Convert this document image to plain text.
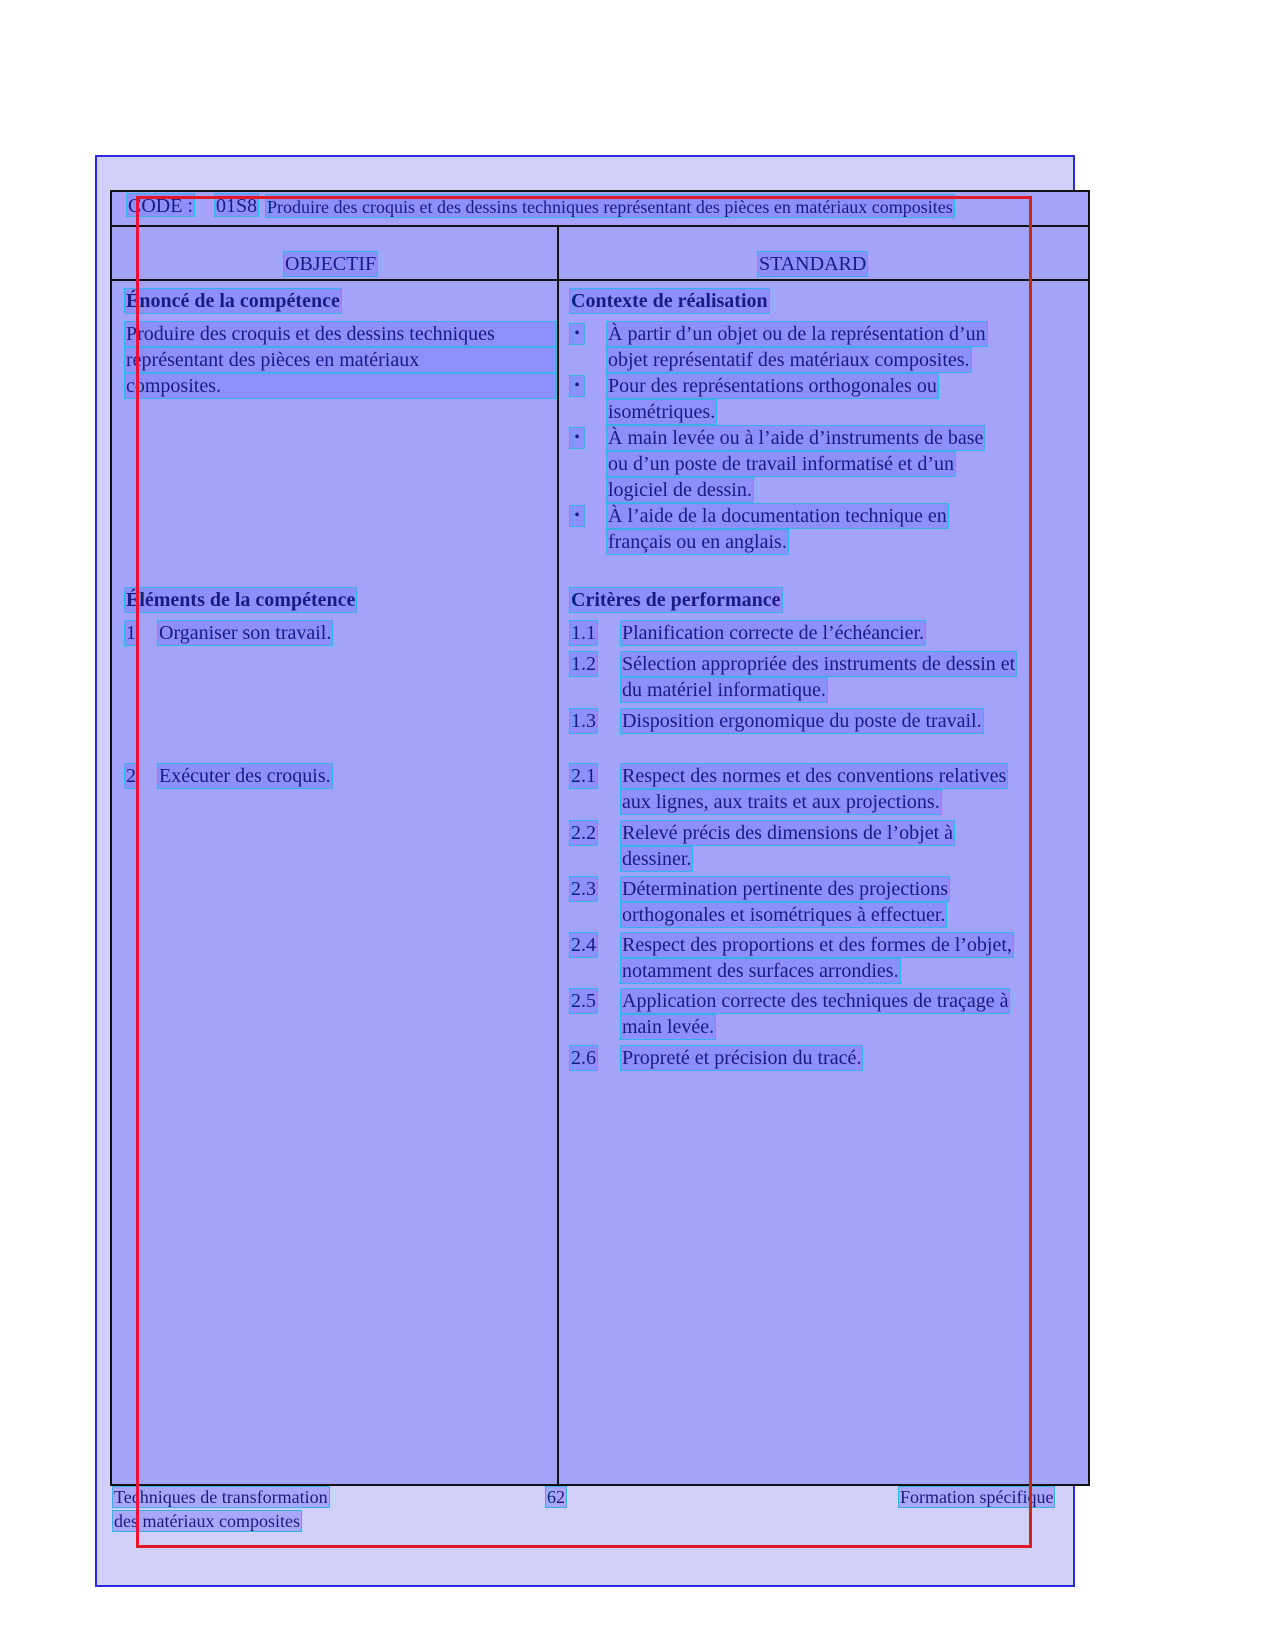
CODE : 01S8 Produire des croquis et des dessins techniques représentant des pièces en matériaux composites
OBJECTIF	STANDARD
Énoncé de la compétence
Produire des croquis et des dessins techniques
représentant des pièces en matériaux
composites.
Contexte de réalisation
• À partir d’un objet ou de la représentation d’un
objet représentatif des matériaux composites.
• Pour des représentations orthogonales ou
isométriques.
• À main levée ou à l’aide d’instruments de base
ou d’un poste de travail informatisé et d’un
logiciel de dessin.
• À l’aide de la documentation technique en
français ou en anglais.
Éléments de la compétence
1 Organiser son travail.
2 Exécuter des croquis.
Critères de performance
1.1 Planification correcte de l’échéancier.
1.2 Sélection appropriée des instruments de dessin et
du matériel informatique.
1.3 Disposition ergonomique du poste de travail.
2.1 Respect des normes et des conventions relatives
aux lignes, aux traits et aux projections.
2.2 Relevé précis des dimensions de l’objet à
dessiner.
2.3 Détermination pertinente des projections
orthogonales et isométriques à effectuer.
2.4 Respect des proportions et des formes de l’objet,
notamment des surfaces arrondies.
2.5 Application correcte des techniques de traçage à
main levée.
2.6 Propreté et précision du tracé.
Techniques de transformation
des matériaux composites
62	Formation spécifique
